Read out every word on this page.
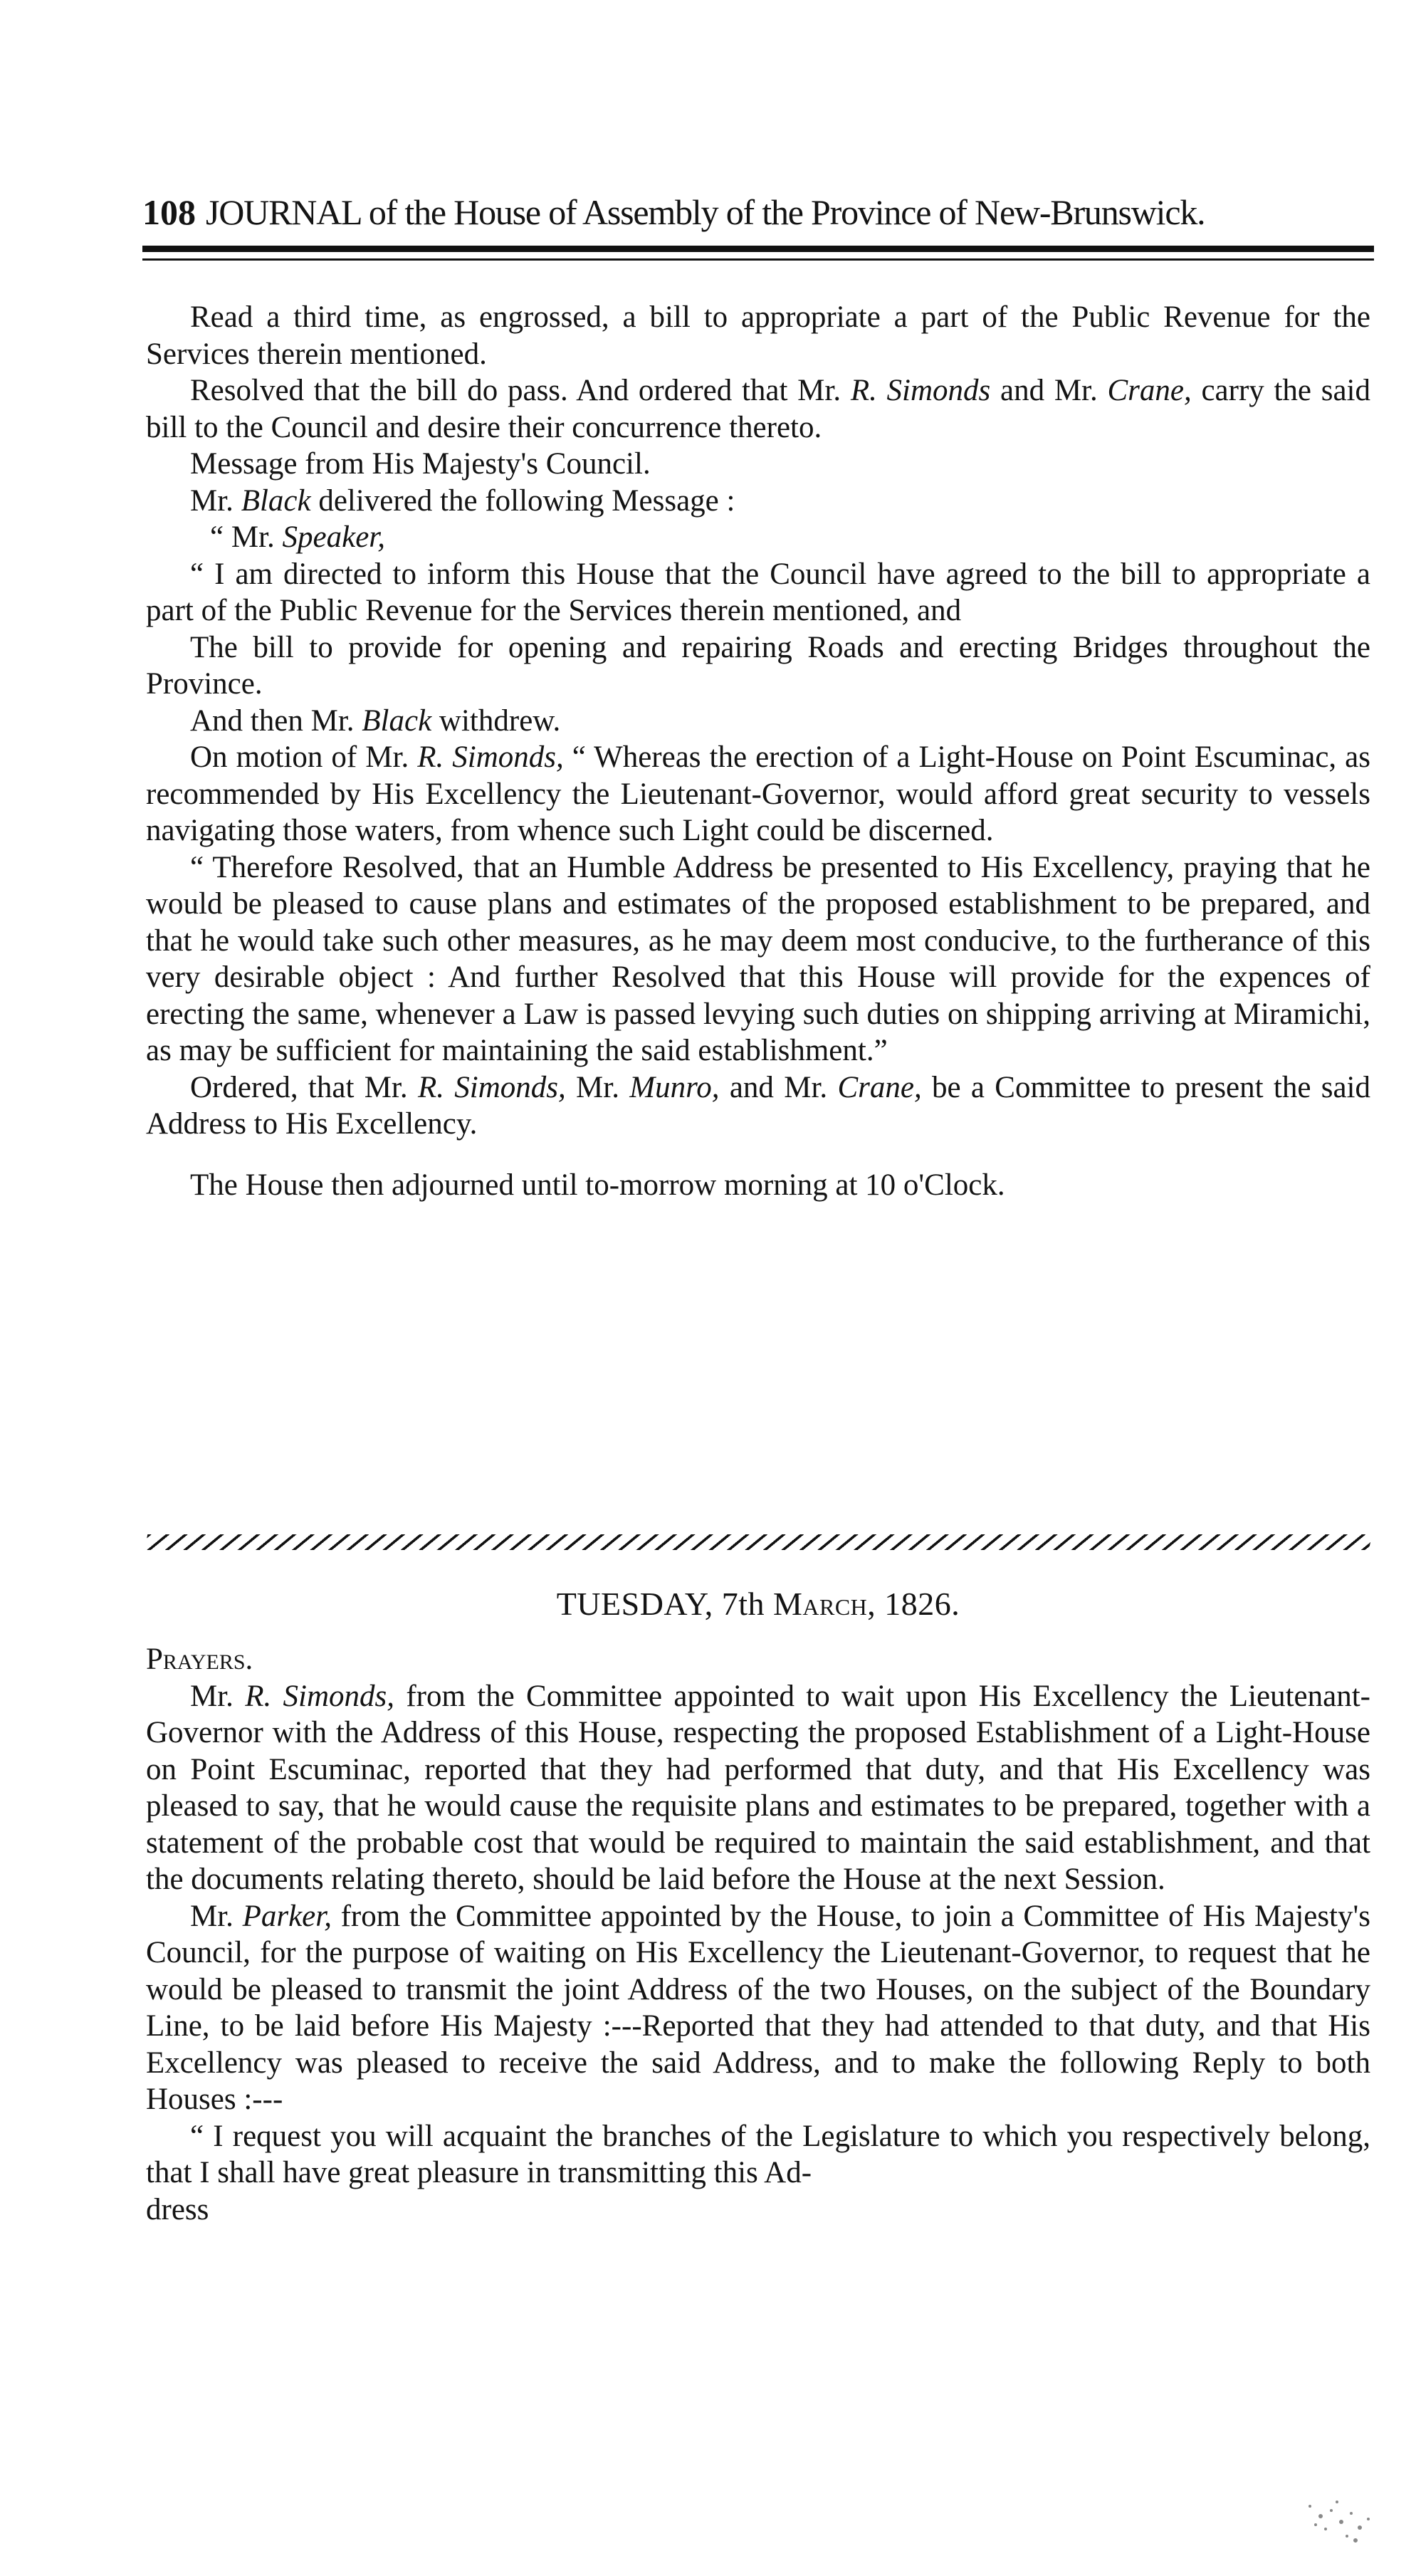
108 JOURNAL of the House of Assembly of the Province of New-Brunswick.

Read a third time, as engrossed, a bill to appropriate a part of the Public Revenue for the Services therein mentioned.

Resolved that the bill do pass. And ordered that Mr. R. Simonds and Mr. Crane, carry the said bill to the Council and desire their concurrence thereto.

Message from His Majesty's Council.

Mr. Black delivered the following Message :

“ Mr. Speaker,

“ I am directed to inform this House that the Council have agreed to the bill to appropriate a part of the Public Revenue for the Services therein mentioned, and

The bill to provide for opening and repairing Roads and erecting Bridges throughout the Province.

And then Mr. Black withdrew.

On motion of Mr. R. Simonds, “ Whereas the erection of a Light-House on Point Escuminac, as recommended by His Excellency the Lieutenant-Governor, would afford great security to vessels navigating those waters, from whence such Light could be discerned.

“ Therefore Resolved, that an Humble Address be presented to His Excellency, praying that he would be pleased to cause plans and estimates of the proposed establishment to be prepared, and that he would take such other measures, as he may deem most conducive, to the furtherance of this very desirable object : And further Resolved that this House will provide for the expences of erecting the same, whenever a Law is passed levying such duties on shipping arriving at Miramichi, as may be sufficient for maintaining the said establishment.”

Ordered, that Mr. R. Simonds, Mr. Munro, and Mr. Crane, be a Committee to present the said Address to His Excellency.

The House then adjourned until to-morrow morning at 10 o'Clock.

TUESDAY, 7th March, 1826.

Prayers.

Mr. R. Simonds, from the Committee appointed to wait upon His Excellency the Lieutenant-Governor with the Address of this House, respecting the proposed Establishment of a Light-House on Point Escuminac, reported that they had performed that duty, and that His Excellency was pleased to say, that he would cause the requisite plans and estimates to be prepared, together with a statement of the probable cost that would be required to maintain the said establishment, and that the documents relating thereto, should be laid before the House at the next Session.

Mr. Parker, from the Committee appointed by the House, to join a Committee of His Majesty's Council, for the purpose of waiting on His Excellency the Lieutenant-Governor, to request that he would be pleased to transmit the joint Address of the two Houses, on the subject of the Boundary Line, to be laid before His Majesty :---Reported that they had attended to that duty, and that His Excellency was pleased to receive the said Address, and to make the following Reply to both Houses :---

“ I request you will acquaint the branches of the Legislature to which you respectively belong, that I shall have great pleasure in transmitting this Ad-

dress
